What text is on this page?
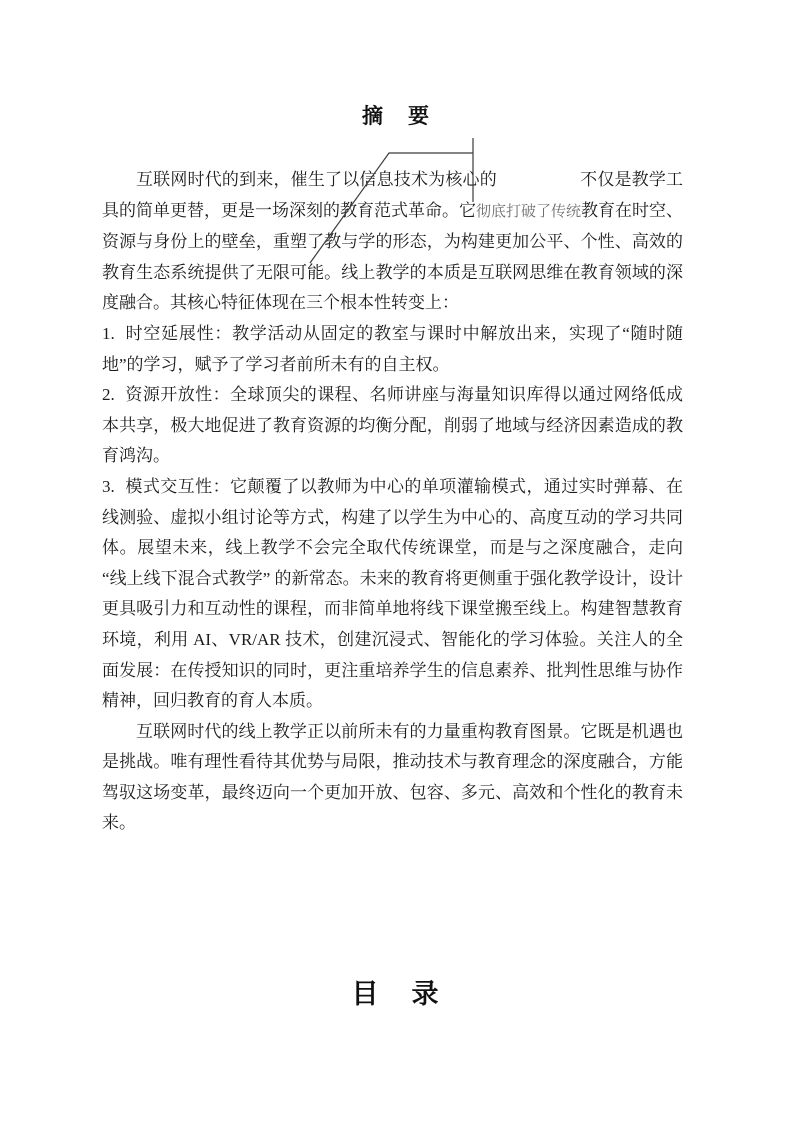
摘　要

互联网时代的到来，催生了以信息技术为核心的	不仅是教学工具的简单更替，更是一场深刻的教育范式革命。它彻底打破了传统教育在时空、资源与身份上的壁垒，重塑了教与学的形态，为构建更加公平、个性、高效的教育生态系统提供了无限可能。线上教学的本质是互联网思维在教育领域的深度融合。其核心特征体现在三个根本性转变上：

1. 时空延展性：教学活动从固定的教室与课时中解放出来，实现了“随时随地”的学习，赋予了学习者前所未有的自主权。

2. 资源开放性：全球顶尖的课程、名师讲座与海量知识库得以通过网络低成本共享，极大地促进了教育资源的均衡分配，削弱了地域与经济因素造成的教育鸿沟。

3. 模式交互性：它颠覆了以教师为中心的单项灌输模式，通过实时弹幕、在线测验、虚拟小组讨论等方式，构建了以学生为中心的、高度互动的学习共同体。展望未来，线上教学不会完全取代传统课堂，而是与之深度融合，走向 “线上线下混合式教学” 的新常态。未来的教育将更侧重于强化教学设计，设计更具吸引力和互动性的课程，而非简单地将线下课堂搬至线上。构建智慧教育环境，利用 AI、VR/AR 技术，创建沉浸式、智能化的学习体验。关注人的全面发展：在传授知识的同时，更注重培养学生的信息素养、批判性思维与协作精神，回归教育的育人本质。

互联网时代的线上教学正以前所未有的力量重构教育图景。它既是机遇也是挑战。唯有理性看待其优势与局限，推动技术与教育理念的深度融合，方能驾驭这场变革，最终迈向一个更加开放、包容、多元、高效和个性化的教育未来。

目　录
